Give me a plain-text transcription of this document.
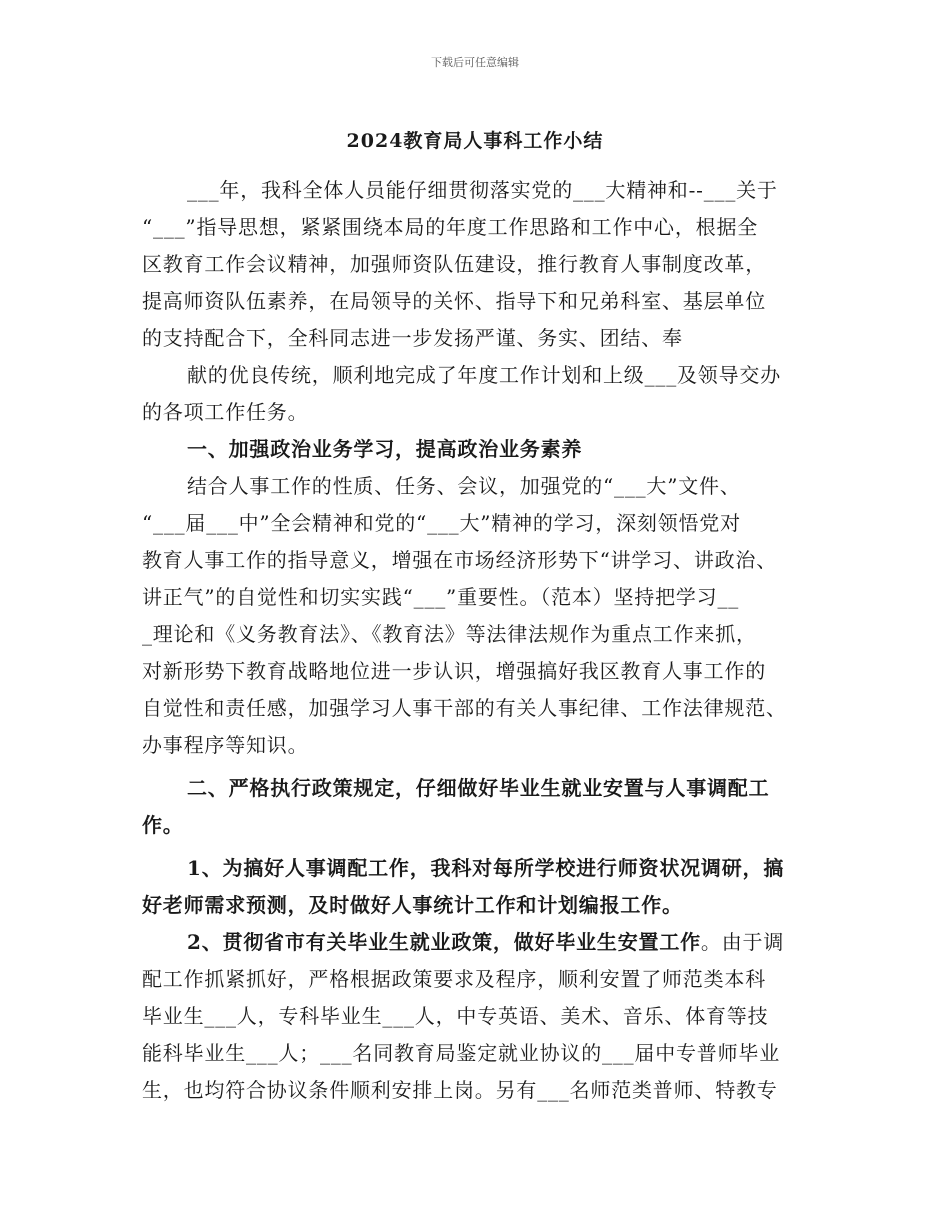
下载后可任意编辑
2024教育局人事科工作小结
___年，我科全体人员能仔细贯彻落实党的___大精神和--___关于
“___”指导思想，紧紧围绕本局的年度工作思路和工作中心，根据全
区教育工作会议精神，加强师资队伍建设，推行教育人事制度改革，
提高师资队伍素养，在局领导的关怀、指导下和兄弟科室、基层单位
的支持配合下，全科同志进一步发扬严谨、务实、团结、奉
献的优良传统，顺利地完成了年度工作计划和上级___及领导交办
的各项工作任务。
一、加强政治业务学习，提高政治业务素养
结合人事工作的性质、任务、会议，加强党的“___大”文件、
“___届___中”全会精神和党的“___大”精神的学习，深刻领悟党对
教育人事工作的指导意义，增强在市场经济形势下“讲学习、讲政治、
讲正气”的自觉性和切实实践“___”重要性。（范本）坚持把学习__
_理论和《义务教育法》、《教育法》等法律法规作为重点工作来抓，
对新形势下教育战略地位进一步认识，增强搞好我区教育人事工作的
自觉性和责任感，加强学习人事干部的有关人事纪律、工作法律规范、
办事程序等知识。
二、严格执行政策规定，仔细做好毕业生就业安置与人事调配工
作。
1、为搞好人事调配工作，我科对每所学校进行师资状况调研，搞
好老师需求预测，及时做好人事统计工作和计划编报工作。
2、贯彻省市有关毕业生就业政策，做好毕业生安置工作。由于调
配工作抓紧抓好，严格根据政策要求及程序，顺利安置了师范类本科
毕业生___人，专科毕业生___人，中专英语、美术、音乐、体育等技
能科毕业生___人；___名同教育局鉴定就业协议的___届中专普师毕业
生，也均符合协议条件顺利安排上岗。另有___名师范类普师、特教专
